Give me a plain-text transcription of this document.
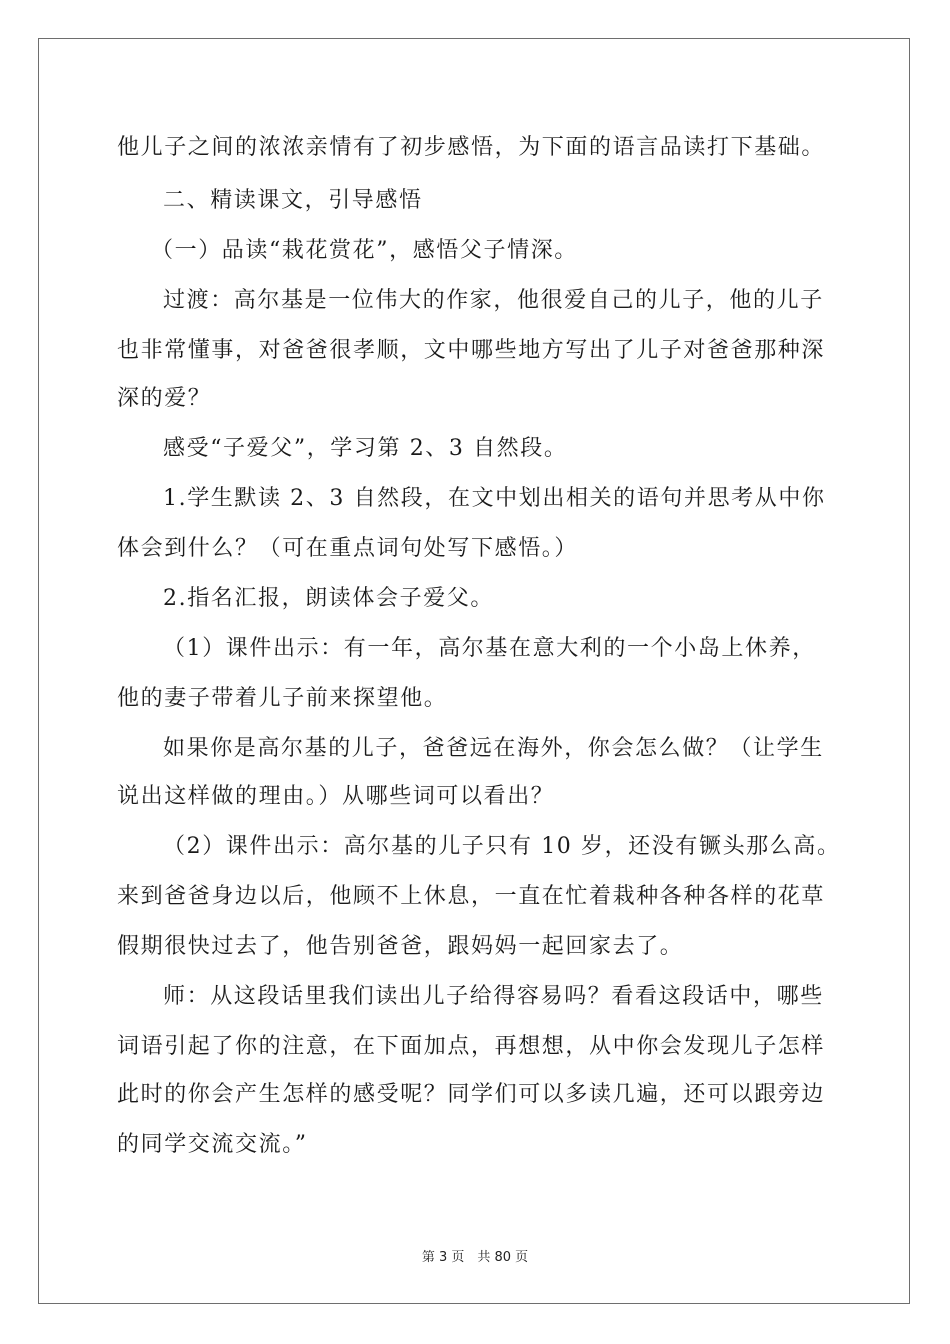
他儿子之间的浓浓亲情有了初步感悟，为下面的语言品读打下基础。
二、精读课文，引导感悟
（一）品读“栽花赏花”，感悟父子情深。
过渡：高尔基是一位伟大的作家，他很爱自己的儿子，他的儿子
也非常懂事，对爸爸很孝顺，文中哪些地方写出了儿子对爸爸那种深
深的爱？
感受“子爱父”，学习第 2、3 自然段。
1.学生默读 2、3 自然段，在文中划出相关的语句并思考从中你
体会到什么？（可在重点词句处写下感悟。）
2.指名汇报，朗读体会子爱父。
（1）课件出示：有一年，高尔基在意大利的一个小岛上休养，
他的妻子带着儿子前来探望他。
如果你是高尔基的儿子，爸爸远在海外，你会怎么做？（让学生
说出这样做的理由。）从哪些词可以看出？
（2）课件出示：高尔基的儿子只有 10 岁，还没有镢头那么高。
来到爸爸身边以后，他顾不上休息，一直在忙着栽种各种各样的花草
假期很快过去了，他告别爸爸，跟妈妈一起回家去了。
师：从这段话里我们读出儿子给得容易吗？看看这段话中，哪些
词语引起了你的注意，在下面加点，再想想，从中你会发现儿子怎样
此时的你会产生怎样的感受呢？同学们可以多读几遍，还可以跟旁边
的同学交流交流。”
第 3 页　共 80 页
